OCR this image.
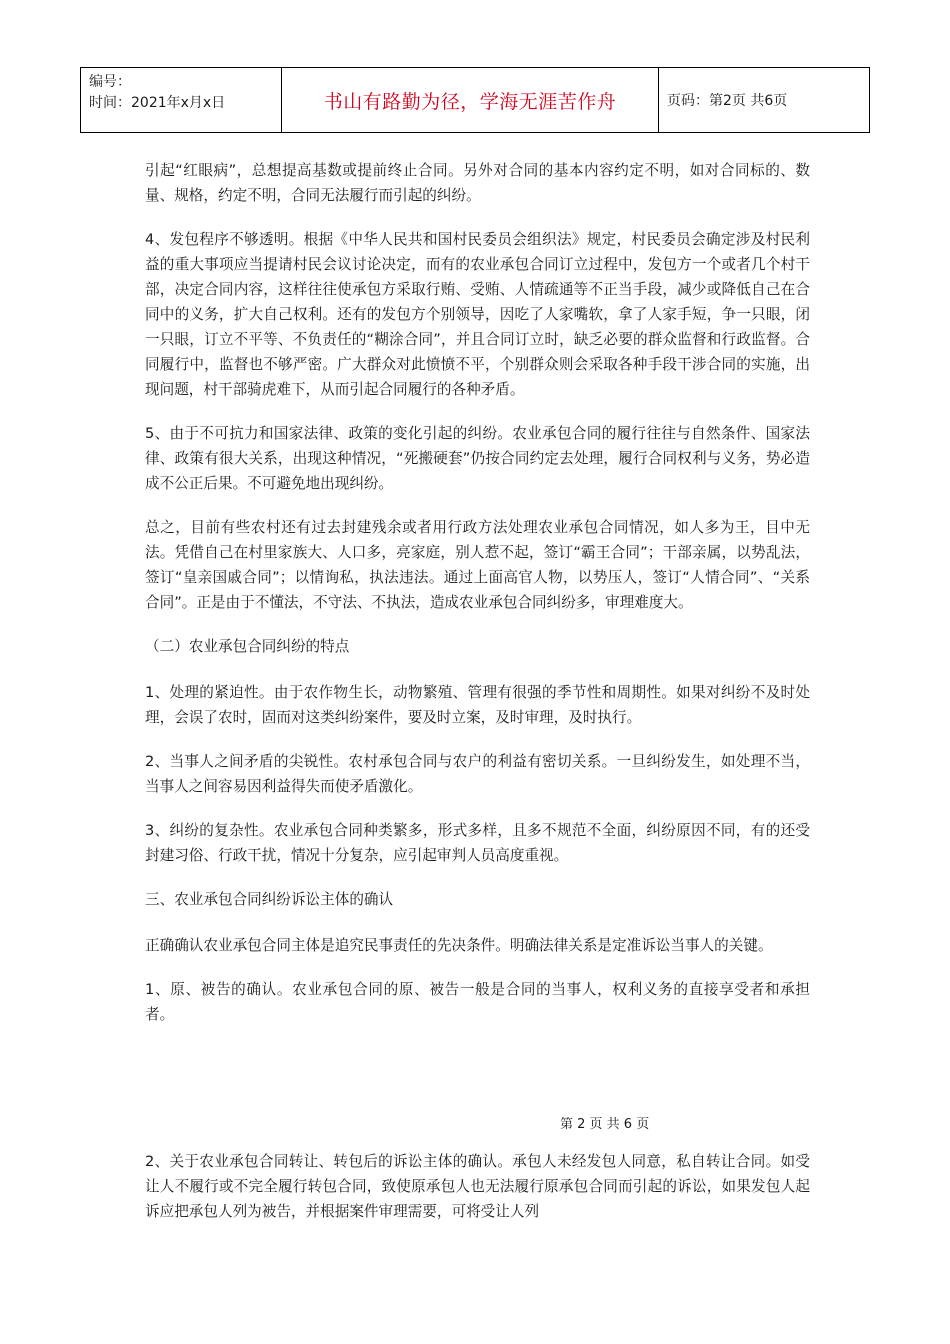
编号：
时间：2021年x月x日	书山有路勤为径，学海无涯苦作舟	页码：第2页 共6页

引起“红眼病”，总想提高基数或提前终止合同。另外对合同的基本内容约定不明，如对合同标的、数量、规格，约定不明，合同无法履行而引起的纠纷。

4、发包程序不够透明。根据《中华人民共和国村民委员会组织法》规定，村民委员会确定涉及村民利益的重大事项应当提请村民会议讨论决定，而有的农业承包合同订立过程中，发包方一个或者几个村干部，决定合同内容，这样往往使承包方采取行贿、受贿、人情疏通等不正当手段，减少或降低自己在合同中的义务，扩大自己权利。还有的发包方个别领导，因吃了人家嘴软，拿了人家手短，争一只眼，闭一只眼，订立不平等、不负责任的“糊涂合同”，并且合同订立时，缺乏必要的群众监督和行政监督。合同履行中，监督也不够严密。广大群众对此愤愤不平，个别群众则会采取各种手段干涉合同的实施，出现问题，村干部骑虎难下，从而引起合同履行的各种矛盾。

5、由于不可抗力和国家法律、政策的变化引起的纠纷。农业承包合同的履行往往与自然条件、国家法律、政策有很大关系，出现这种情况，“死搬硬套”仍按合同约定去处理，履行合同权利与义务，势必造成不公正后果。不可避免地出现纠纷。

总之，目前有些农村还有过去封建残余或者用行政方法处理农业承包合同情况，如人多为王，目中无法。凭借自己在村里家族大、人口多，亮家庭，别人惹不起，签订“霸王合同”；干部亲属，以势乱法，签订“皇亲国戚合同”；以情询私，执法违法。通过上面高官人物，以势压人，签订“人情合同”、“关系合同”。正是由于不懂法，不守法、不执法，造成农业承包合同纠纷多，审理难度大。

（二）农业承包合同纠纷的特点

1、处理的紧迫性。由于农作物生长，动物繁殖、管理有很强的季节性和周期性。如果对纠纷不及时处理，会误了农时，固而对这类纠纷案件，要及时立案，及时审理，及时执行。

2、当事人之间矛盾的尖锐性。农村承包合同与农户的利益有密切关系。一旦纠纷发生，如处理不当，当事人之间容易因利益得失而使矛盾激化。

3、纠纷的复杂性。农业承包合同种类繁多，形式多样，且多不规范不全面，纠纷原因不同，有的还受封建习俗、行政干扰，情况十分复杂，应引起审判人员高度重视。

三、农业承包合同纠纷诉讼主体的确认

正确确认农业承包合同主体是追究民事责任的先决条件。明确法律关系是定准诉讼当事人的关键。

1、原、被告的确认。农业承包合同的原、被告一般是合同的当事人，权利义务的直接享受者和承担者。

第 2 页 共 6 页

2、关于农业承包合同转让、转包后的诉讼主体的确认。承包人未经发包人同意，私自转让合同。如受让人不履行或不完全履行转包合同，致使原承包人也无法履行原承包合同而引起的诉讼，如果发包人起诉应把承包人列为被告，并根据案件审理需要，可将受让人列
